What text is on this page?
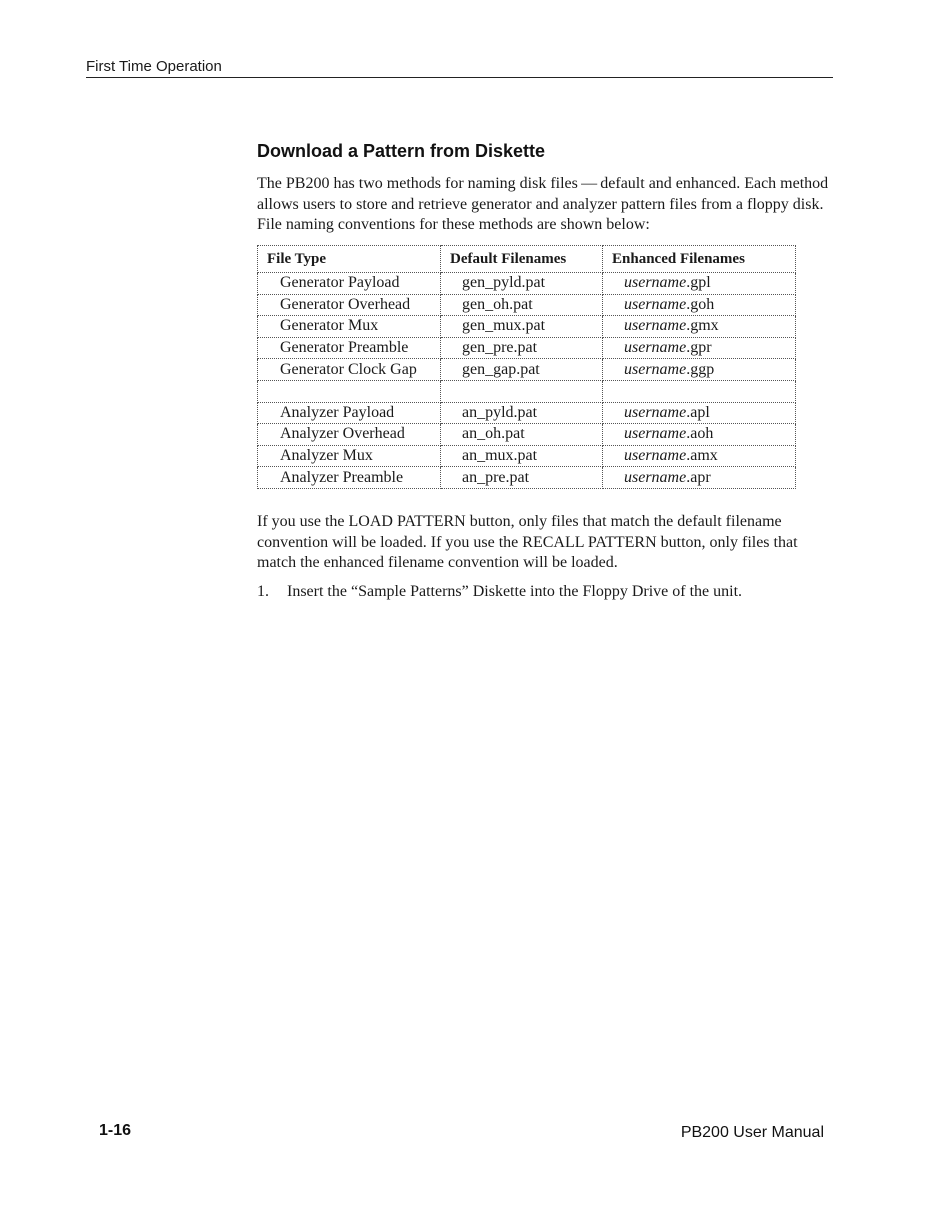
First Time Operation
Download a Pattern from Diskette

The PB200 has two methods for naming disk files — default and enhanced. Each method allows users to store and retrieve generator and analyzer pattern files from a floppy disk. File naming conventions for these methods are shown below:

File Type	Default Filenames	Enhanced Filenames
Generator Payload	gen_pyld.pat	username.gpl
Generator Overhead	gen_oh.pat	username.goh
Generator Mux	gen_mux.pat	username.gmx
Generator Preamble	gen_pre.pat	username.gpr
Generator Clock Gap	gen_gap.pat	username.ggp

Analyzer Payload	an_pyld.pat	username.apl
Analyzer Overhead	an_oh.pat	username.aoh
Analyzer Mux	an_mux.pat	username.amx
Analyzer Preamble	an_pre.pat	username.apr

If you use the LOAD PATTERN button, only files that match the default filename convention will be loaded. If you use the RECALL PATTERN button, only files that match the enhanced filename convention will be loaded.

1. Insert the “Sample Patterns” Diskette into the Floppy Drive of the unit.

1-16	PB200 User Manual
